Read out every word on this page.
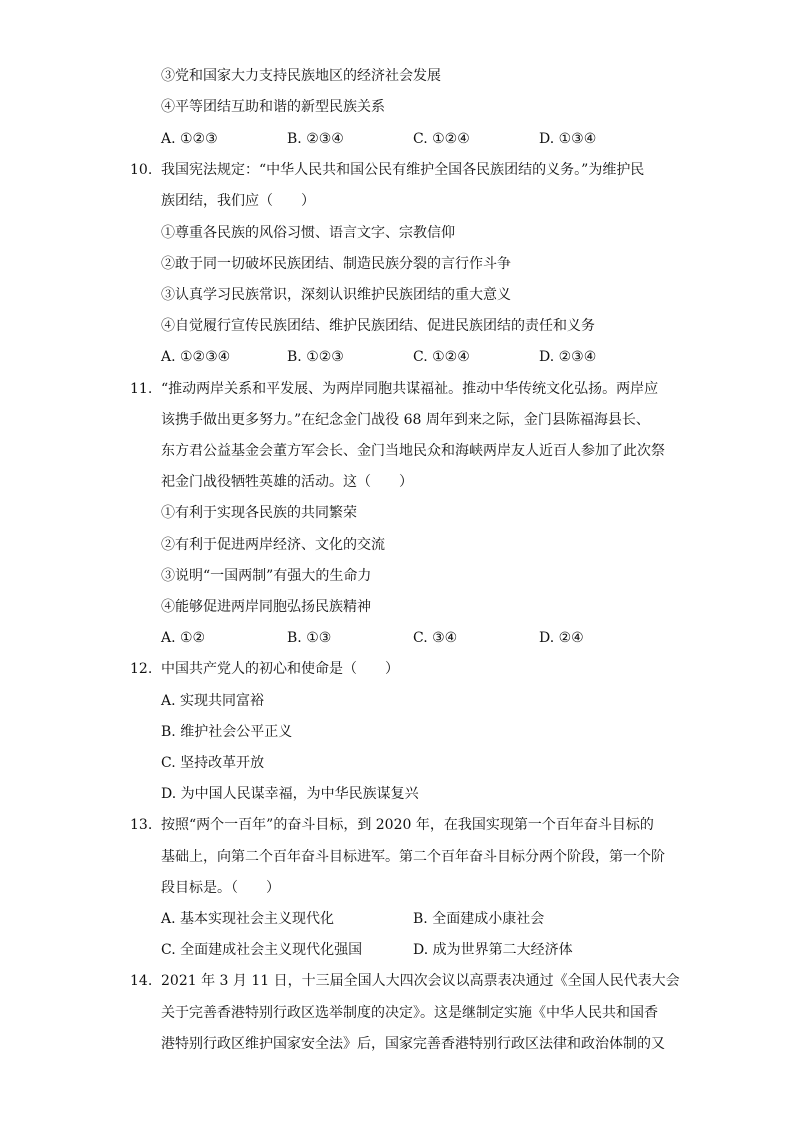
③党和国家大力支持民族地区的经济社会发展
④平等团结互助和谐的新型民族关系
A. ①②③	B. ②③④	C. ①②④	D. ①③④
10. 我国宪法规定：“中华人民共和国公民有维护全国各民族团结的义务。”为维护民
族团结，我们应（　　）
①尊重各民族的风俗习惯、语言文字、宗教信仰
②敢于同一切破坏民族团结、制造民族分裂的言行作斗争
③认真学习民族常识，深刻认识维护民族团结的重大意义
④自觉履行宣传民族团结、维护民族团结、促进民族团结的责任和义务
A. ①②③④	B. ①②③	C. ①②④	D. ②③④
11. “推动两岸关系和平发展、为两岸同胞共谋福祉。推动中华传统文化弘扬。两岸应
该携手做出更多努力。”在纪念金门战役 68 周年到来之际，金门县陈福海县长、
东方君公益基金会董方军会长、金门当地民众和海峡两岸友人近百人参加了此次祭
祀金门战役牺牲英雄的活动。这（　　）
①有利于实现各民族的共同繁荣
②有利于促进两岸经济、文化的交流
③说明“一国两制”有强大的生命力
④能够促进两岸同胞弘扬民族精神
A. ①②	B. ①③	C. ③④	D. ②④
12. 中国共产党人的初心和使命是（　　）
A. 实现共同富裕
B. 维护社会公平正义
C. 坚持改革开放
D. 为中国人民谋幸福，为中华民族谋复兴
13. 按照“两个一百年”的奋斗目标，到 2020 年，在我国实现第一个百年奋斗目标的
基础上，向第二个百年奋斗目标进军。第二个百年奋斗目标分两个阶段，第一个阶
段目标是。（　　）
A. 基本实现社会主义现代化	B. 全面建成小康社会
C. 全面建成社会主义现代化强国	D. 成为世界第二大经济体
14. 2021 年 3 月 11 日，十三届全国人大四次会议以高票表决通过《全国人民代表大会
关于完善香港特别行政区选举制度的决定》。这是继制定实施《中华人民共和国香
港特别行政区维护国家安全法》后，国家完善香港特别行政区法律和政治体制的又
